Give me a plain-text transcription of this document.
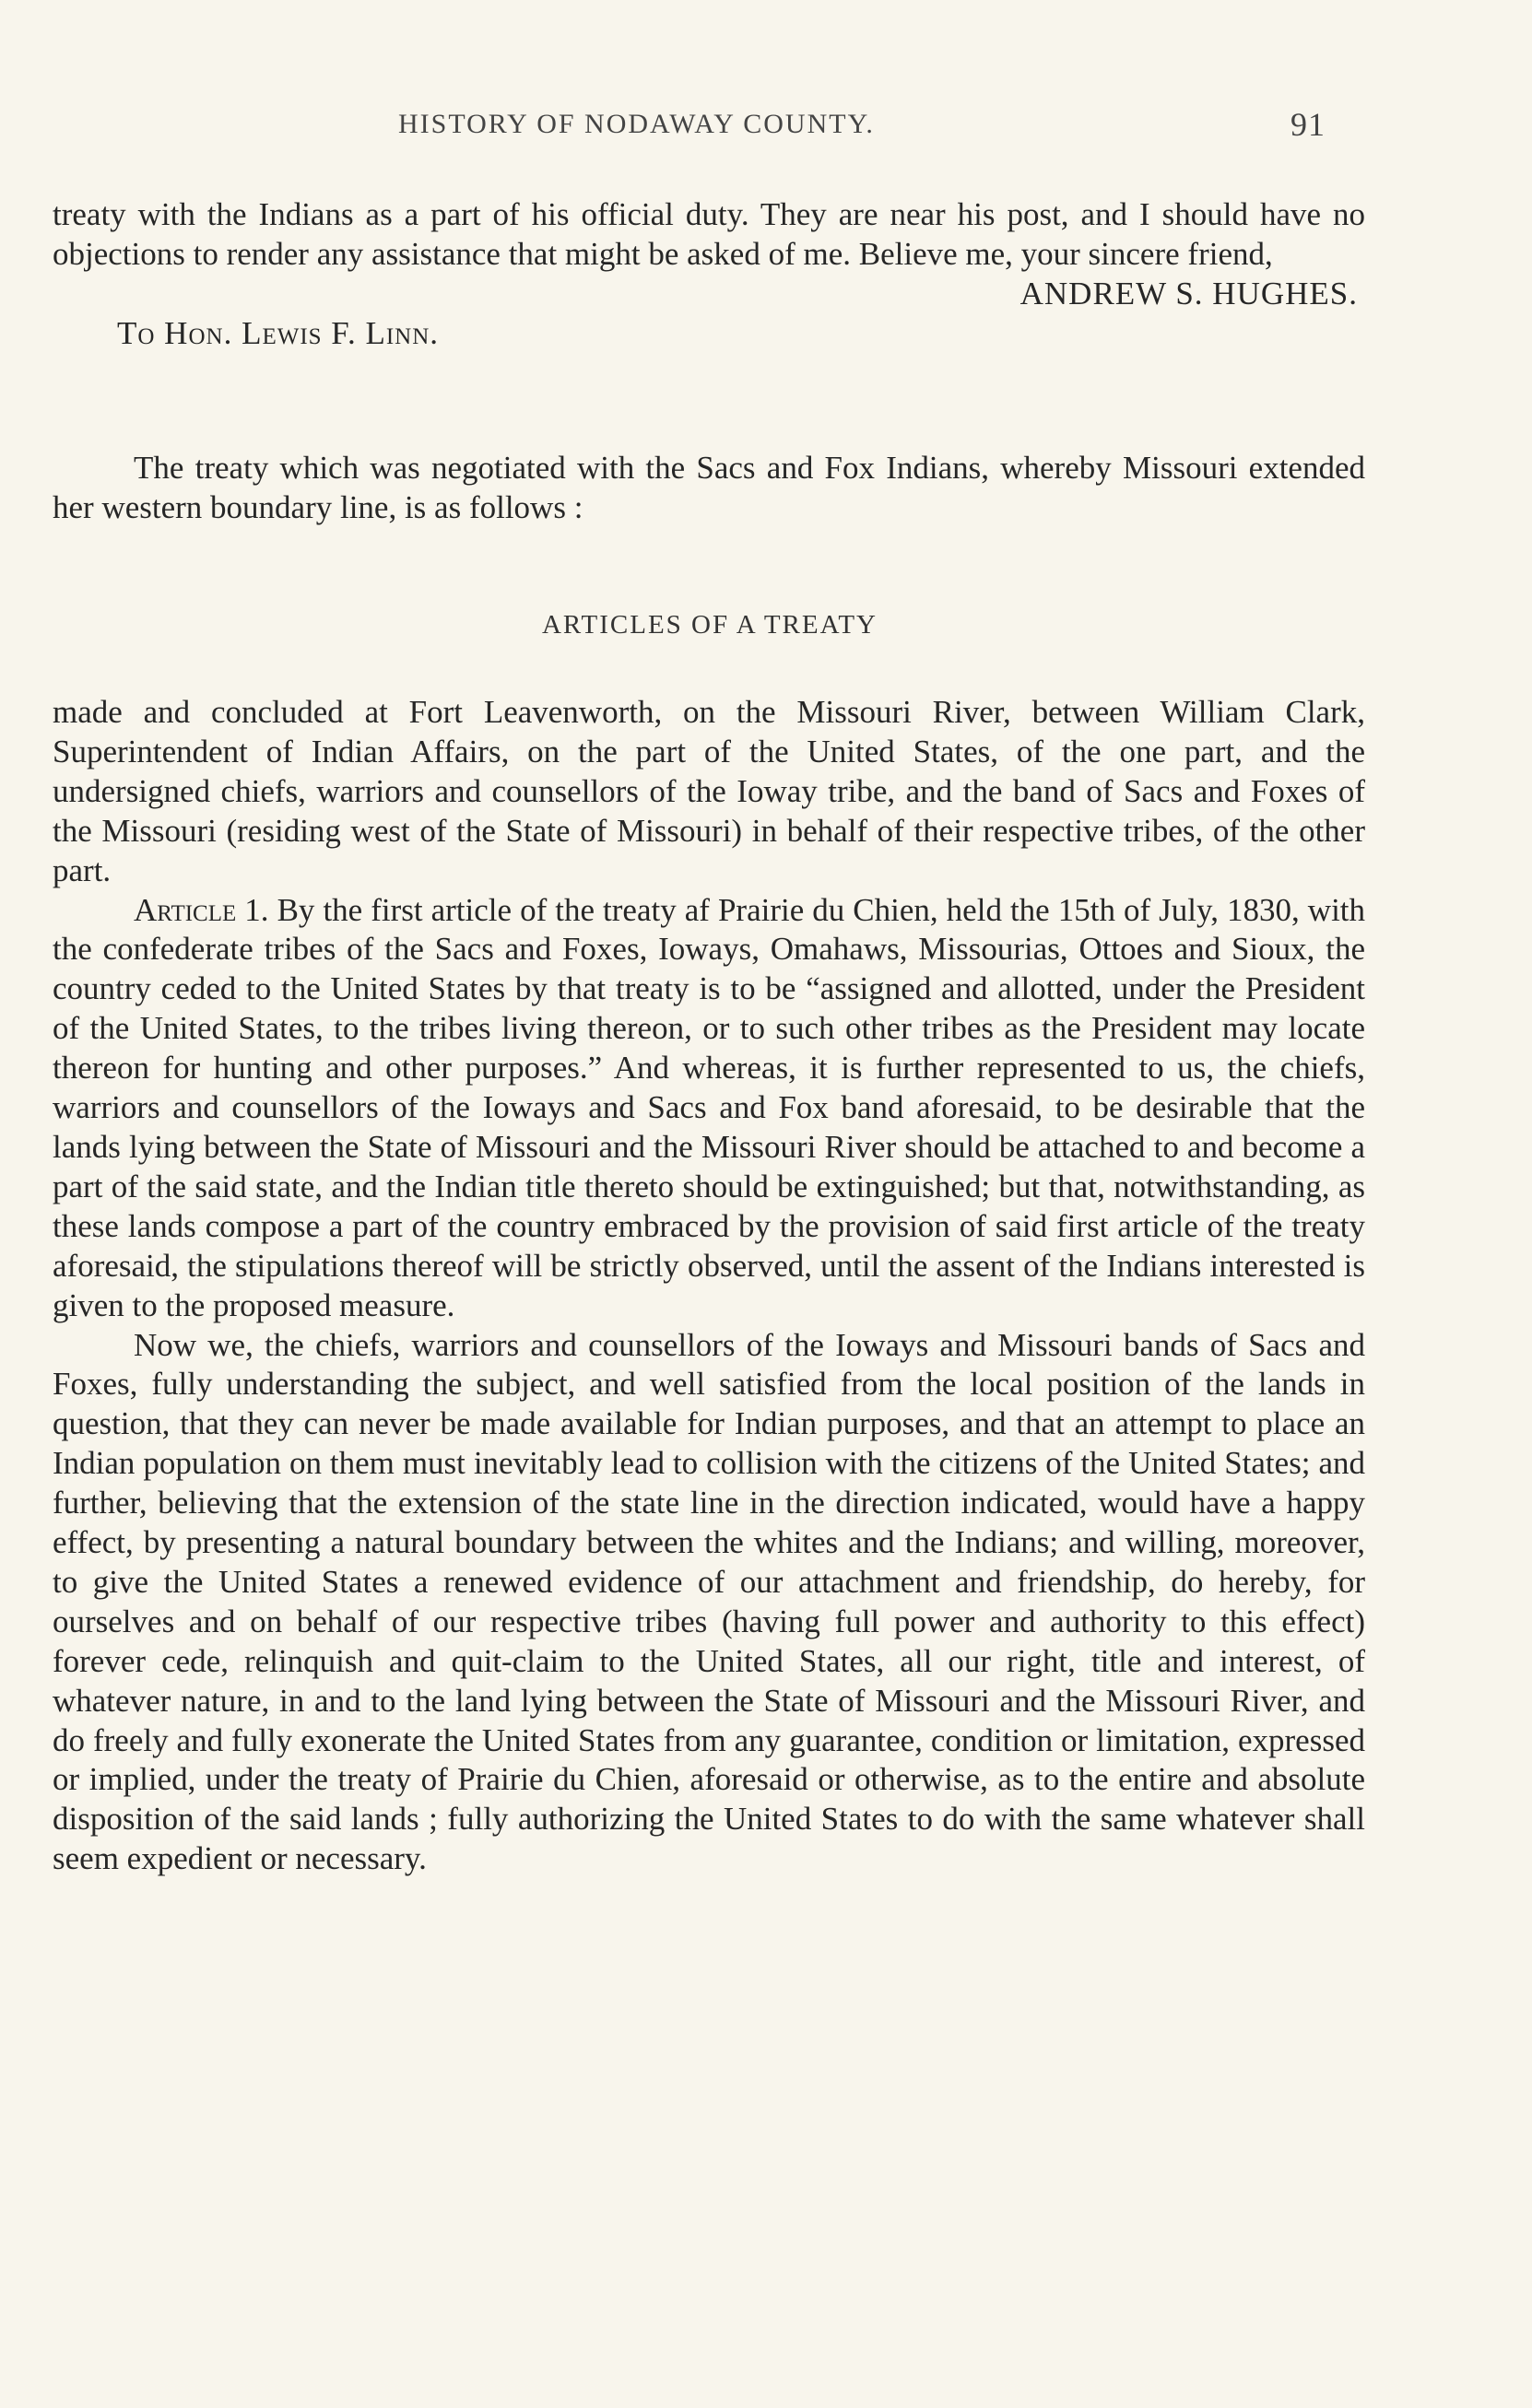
HISTORY OF NODAWAY COUNTY.	91

treaty with the Indians as a part of his official duty. They are near his post, and I should have no objections to render any assistance that might be asked of me. Believe me, your sincere friend,

ANDREW S. HUGHES.

To Hon. Lewis F. Linn.

The treaty which was negotiated with the Sacs and Fox Indians, whereby Missouri extended her western boundary line, is as follows :

ARTICLES OF A TREATY

made and concluded at Fort Leavenworth, on the Missouri River, between William Clark, Superintendent of Indian Affairs, on the part of the United States, of the one part, and the undersigned chiefs, warriors and counsellors of the Ioway tribe, and the band of Sacs and Foxes of the Missouri (residing west of the State of Missouri) in behalf of their respective tribes, of the other part.

Article 1. By the first article of the treaty af Prairie du Chien, held the 15th of July, 1830, with the confederate tribes of the Sacs and Foxes, Ioways, Omahaws, Missourias, Ottoes and Sioux, the country ceded to the United States by that treaty is to be “assigned and allotted, under the President of the United States, to the tribes living thereon, or to such other tribes as the President may locate thereon for hunting and other purposes.” And whereas, it is further represented to us, the chiefs, warriors and counsellors of the Ioways and Sacs and Fox band aforesaid, to be desirable that the lands lying between the State of Missouri and the Missouri River should be attached to and become a part of the said state, and the Indian title thereto should be extinguished; but that, notwithstanding, as these lands compose a part of the country embraced by the provision of said first article of the treaty aforesaid, the stipulations thereof will be strictly observed, until the assent of the Indians interested is given to the proposed measure.

Now we, the chiefs, warriors and counsellors of the Ioways and Missouri bands of Sacs and Foxes, fully understanding the subject, and well satisfied from the local position of the lands in question, that they can never be made available for Indian purposes, and that an attempt to place an Indian population on them must inevitably lead to collision with the citizens of the United States; and further, believing that the extension of the state line in the direction indicated, would have a happy effect, by presenting a natural boundary between the whites and the Indians; and willing, moreover, to give the United States a renewed evidence of our attachment and friendship, do hereby, for ourselves and on behalf of our respective tribes (having full power and authority to this effect) forever cede, relinquish and quit-claim to the United States, all our right, title and interest, of whatever nature, in and to the land lying between the State of Missouri and the Missouri River, and do freely and fully exonerate the United States from any guarantee, condition or limitation, expressed or implied, under the treaty of Prairie du Chien, aforesaid or otherwise, as to the entire and absolute disposition of the said lands ; fully authorizing the United States to do with the same whatever shall seem expedient or necessary.
